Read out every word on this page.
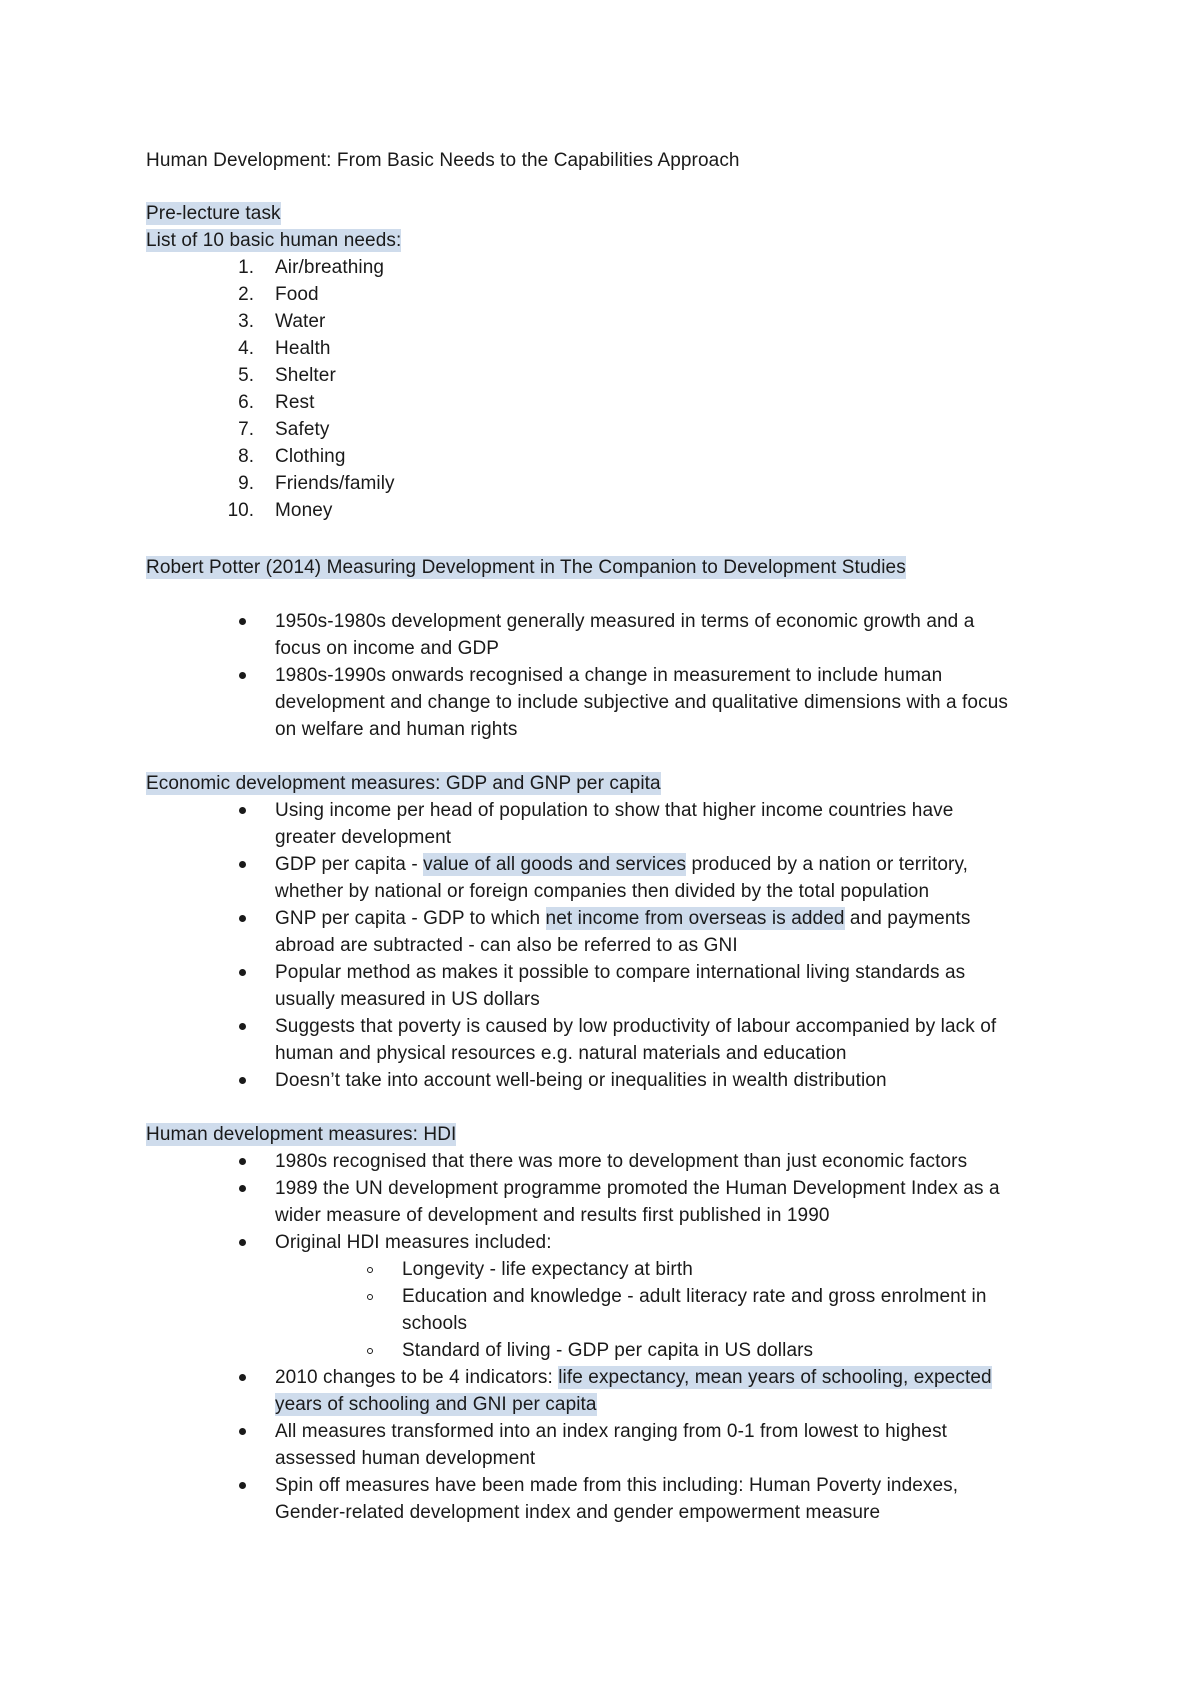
Human Development: From Basic Needs to the Capabilities Approach
Pre-lecture task
List of 10 basic human needs:
1. Air/breathing
2. Food
3. Water
4. Health
5. Shelter
6. Rest
7. Safety
8. Clothing
9. Friends/family
10. Money
Robert Potter (2014) Measuring Development in The Companion to Development Studies
1950s-1980s development generally measured in terms of economic growth and a
focus on income and GDP
1980s-1990s onwards recognised a change in measurement to include human
development and change to include subjective and qualitative dimensions with a focus
on welfare and human rights
Economic development measures: GDP and GNP per capita
Using income per head of population to show that higher income countries have
greater development
GDP per capita - value of all goods and services produced by a nation or territory,
whether by national or foreign companies then divided by the total population
GNP per capita - GDP to which net income from overseas is added and payments
abroad are subtracted - can also be referred to as GNI
Popular method as makes it possible to compare international living standards as
usually measured in US dollars
Suggests that poverty is caused by low productivity of labour accompanied by lack of
human and physical resources e.g. natural materials and education
Doesn’t take into account well-being or inequalities in wealth distribution
Human development measures: HDI
1980s recognised that there was more to development than just economic factors
1989 the UN development programme promoted the Human Development Index as a
wider measure of development and results first published in 1990
Original HDI measures included:
Longevity - life expectancy at birth
Education and knowledge - adult literacy rate and gross enrolment in
schools
Standard of living - GDP per capita in US dollars
2010 changes to be 4 indicators: life expectancy, mean years of schooling, expected
years of schooling and GNI per capita
All measures transformed into an index ranging from 0-1 from lowest to highest
assessed human development
Spin off measures have been made from this including: Human Poverty indexes,
Gender-related development index and gender empowerment measure
